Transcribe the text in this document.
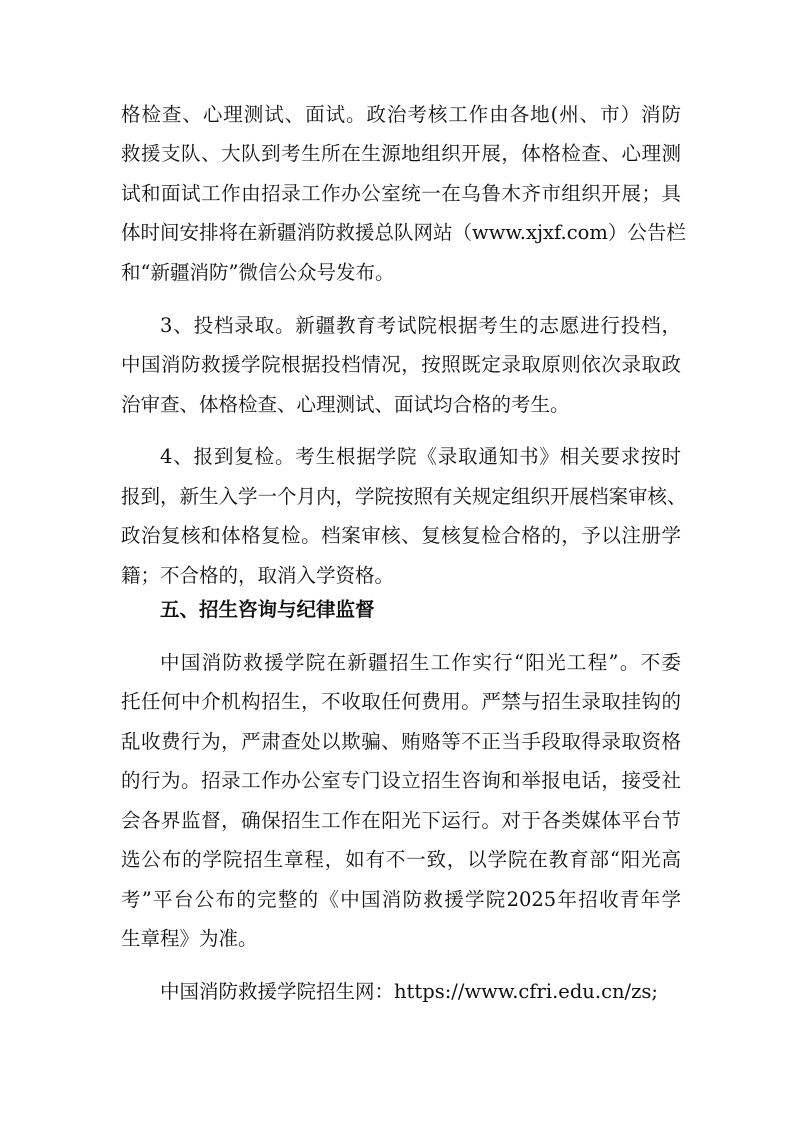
格检查、心理测试、面试。政治考核工作由各地(州、市）消防
救援支队、大队到考生所在生源地组织开展，体格检查、心理测
试和面试工作由招录工作办公室统一在乌鲁木齐市组织开展；具
体时间安排将在新疆消防救援总队网站（www.xjxf.com）公告栏
和“新疆消防”微信公众号发布。
3、投档录取。新疆教育考试院根据考生的志愿进行投档，
中国消防救援学院根据投档情况，按照既定录取原则依次录取政
治审查、体格检查、心理测试、面试均合格的考生。
4、报到复检。考生根据学院《录取通知书》相关要求按时
报到，新生入学一个月内，学院按照有关规定组织开展档案审核、
政治复核和体格复检。档案审核、复核复检合格的，予以注册学
籍；不合格的，取消入学资格。
五、招生咨询与纪律监督
中国消防救援学院在新疆招生工作实行“阳光工程”。不委
托任何中介机构招生，不收取任何费用。严禁与招生录取挂钩的
乱收费行为，严肃查处以欺骗、贿赂等不正当手段取得录取资格
的行为。招录工作办公室专门设立招生咨询和举报电话，接受社
会各界监督，确保招生工作在阳光下运行。对于各类媒体平台节
选公布的学院招生章程，如有不一致，以学院在教育部“阳光高
考”平台公布的完整的《中国消防救援学院2025年招收青年学
生章程》为准。
中国消防救援学院招生网：https://www.cfri.edu.cn/zs;
